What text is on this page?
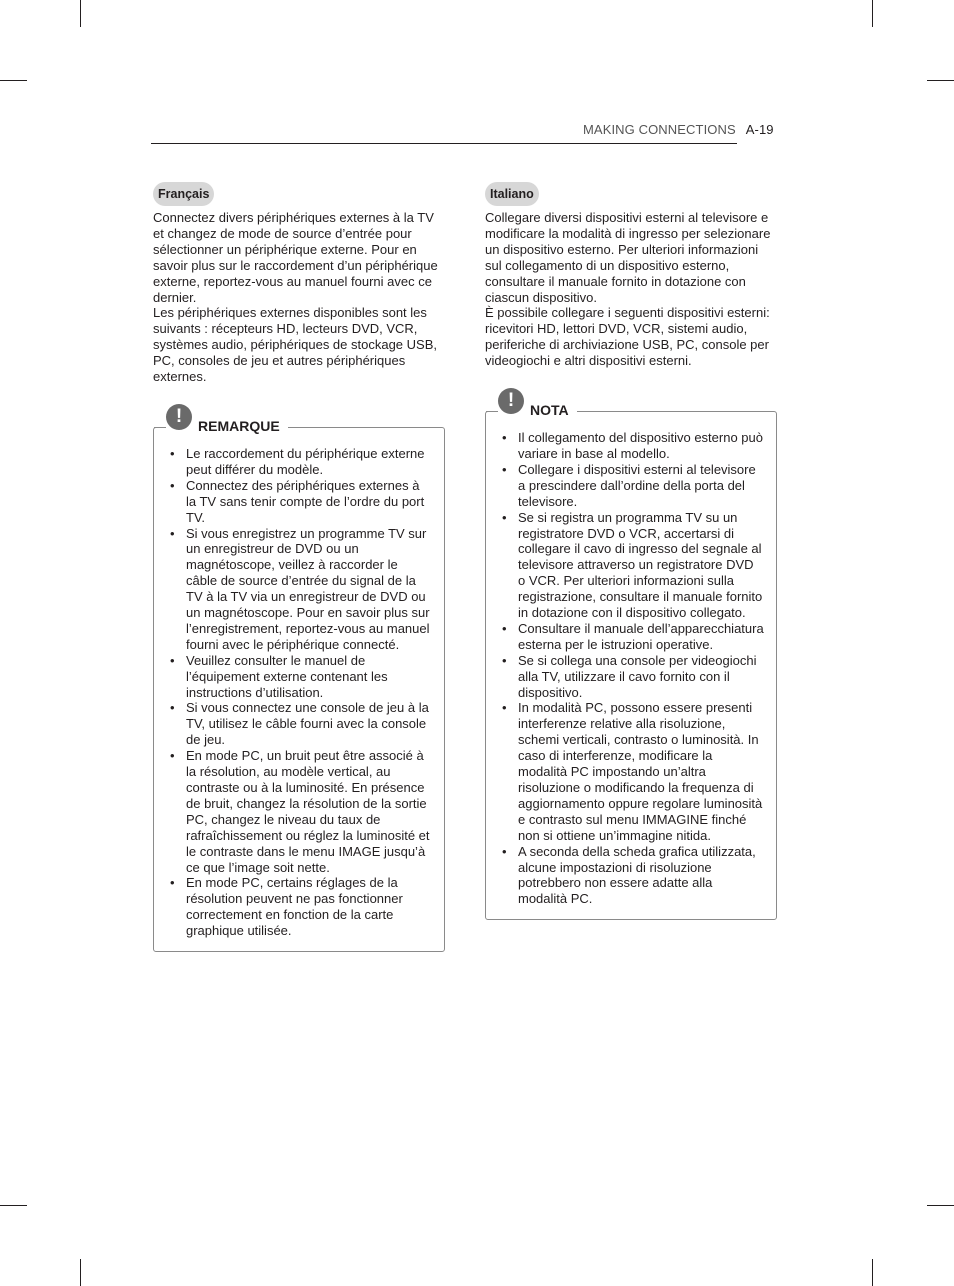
MAKING CONNECTIONS A-19
Français

Connectez divers périphériques externes à la TV et changez de mode de source d’entrée pour sélectionner un périphérique externe. Pour en savoir plus sur le raccordement d’un périphérique externe, reportez-vous au manuel fourni avec ce dernier.

Les périphériques externes disponibles sont les suivants : récepteurs HD, lecteurs DVD, VCR, systèmes audio, périphériques de stockage USB, PC, consoles de jeu et autres périphériques externes.

!	REMARQUE
• Le raccordement du périphérique externe peut différer du modèle.
• Connectez des périphériques externes à la TV sans tenir compte de l’ordre du port TV.
• Si vous enregistrez un programme TV sur un enregistreur de DVD ou un magnétoscope, veillez à raccorder le câble de source d’entrée du signal de la TV à la TV via un enregistreur de DVD ou un magnétoscope. Pour en savoir plus sur l’enregistrement, reportez-vous au manuel fourni avec le périphérique connecté.
• Veuillez consulter le manuel de l’équipement externe contenant les instructions d’utilisation.
• Si vous connectez une console de jeu à la TV, utilisez le câble fourni avec la console de jeu.
• En mode PC, un bruit peut être associé à la résolution, au modèle vertical, au contraste ou à la luminosité. En présence de bruit, changez la résolution de la sortie PC, changez le niveau du taux de rafraîchissement ou réglez la luminosité et le contraste dans le menu IMAGE jusqu’à ce que l’image soit nette.
• En mode PC, certains réglages de la résolution peuvent ne pas fonctionner correctement en fonction de la carte graphique utilisée.
Italiano

Collegare diversi dispositivi esterni al televisore e modificare la modalità di ingresso per selezionare un dispositivo esterno. Per ulteriori informazioni sul collegamento di un dispositivo esterno, consultare il manuale fornito in dotazione con ciascun dispositivo.

È possibile collegare i seguenti dispositivi esterni: ricevitori HD, lettori DVD, VCR, sistemi audio, periferiche di archiviazione USB, PC, console per videogiochi e altri dispositivi esterni.

!	NOTA
• Il collegamento del dispositivo esterno può variare in base al modello.
• Collegare i dispositivi esterni al televisore a prescindere dall’ordine della porta del televisore.
• Se si registra un programma TV su un registratore DVD o VCR, accertarsi di collegare il cavo di ingresso del segnale al televisore attraverso un registratore DVD o VCR. Per ulteriori informazioni sulla registrazione, consultare il manuale fornito in dotazione con il dispositivo collegato.
• Consultare il manuale dell’apparecchiatura esterna per le istruzioni operative.
• Se si collega una console per videogiochi alla TV, utilizzare il cavo fornito con il dispositivo.
• In modalità PC, possono essere presenti interferenze relative alla risoluzione, schemi verticali, contrasto o luminosità. In caso di interferenze, modificare la modalità PC impostando un’altra risoluzione o modificando la frequenza di aggiornamento oppure regolare luminosità e contrasto sul menu IMMAGINE finché non si ottiene un’immagine nitida.
• A seconda della scheda grafica utilizzata, alcune impostazioni di risoluzione potrebbero non essere adatte alla modalità PC.
